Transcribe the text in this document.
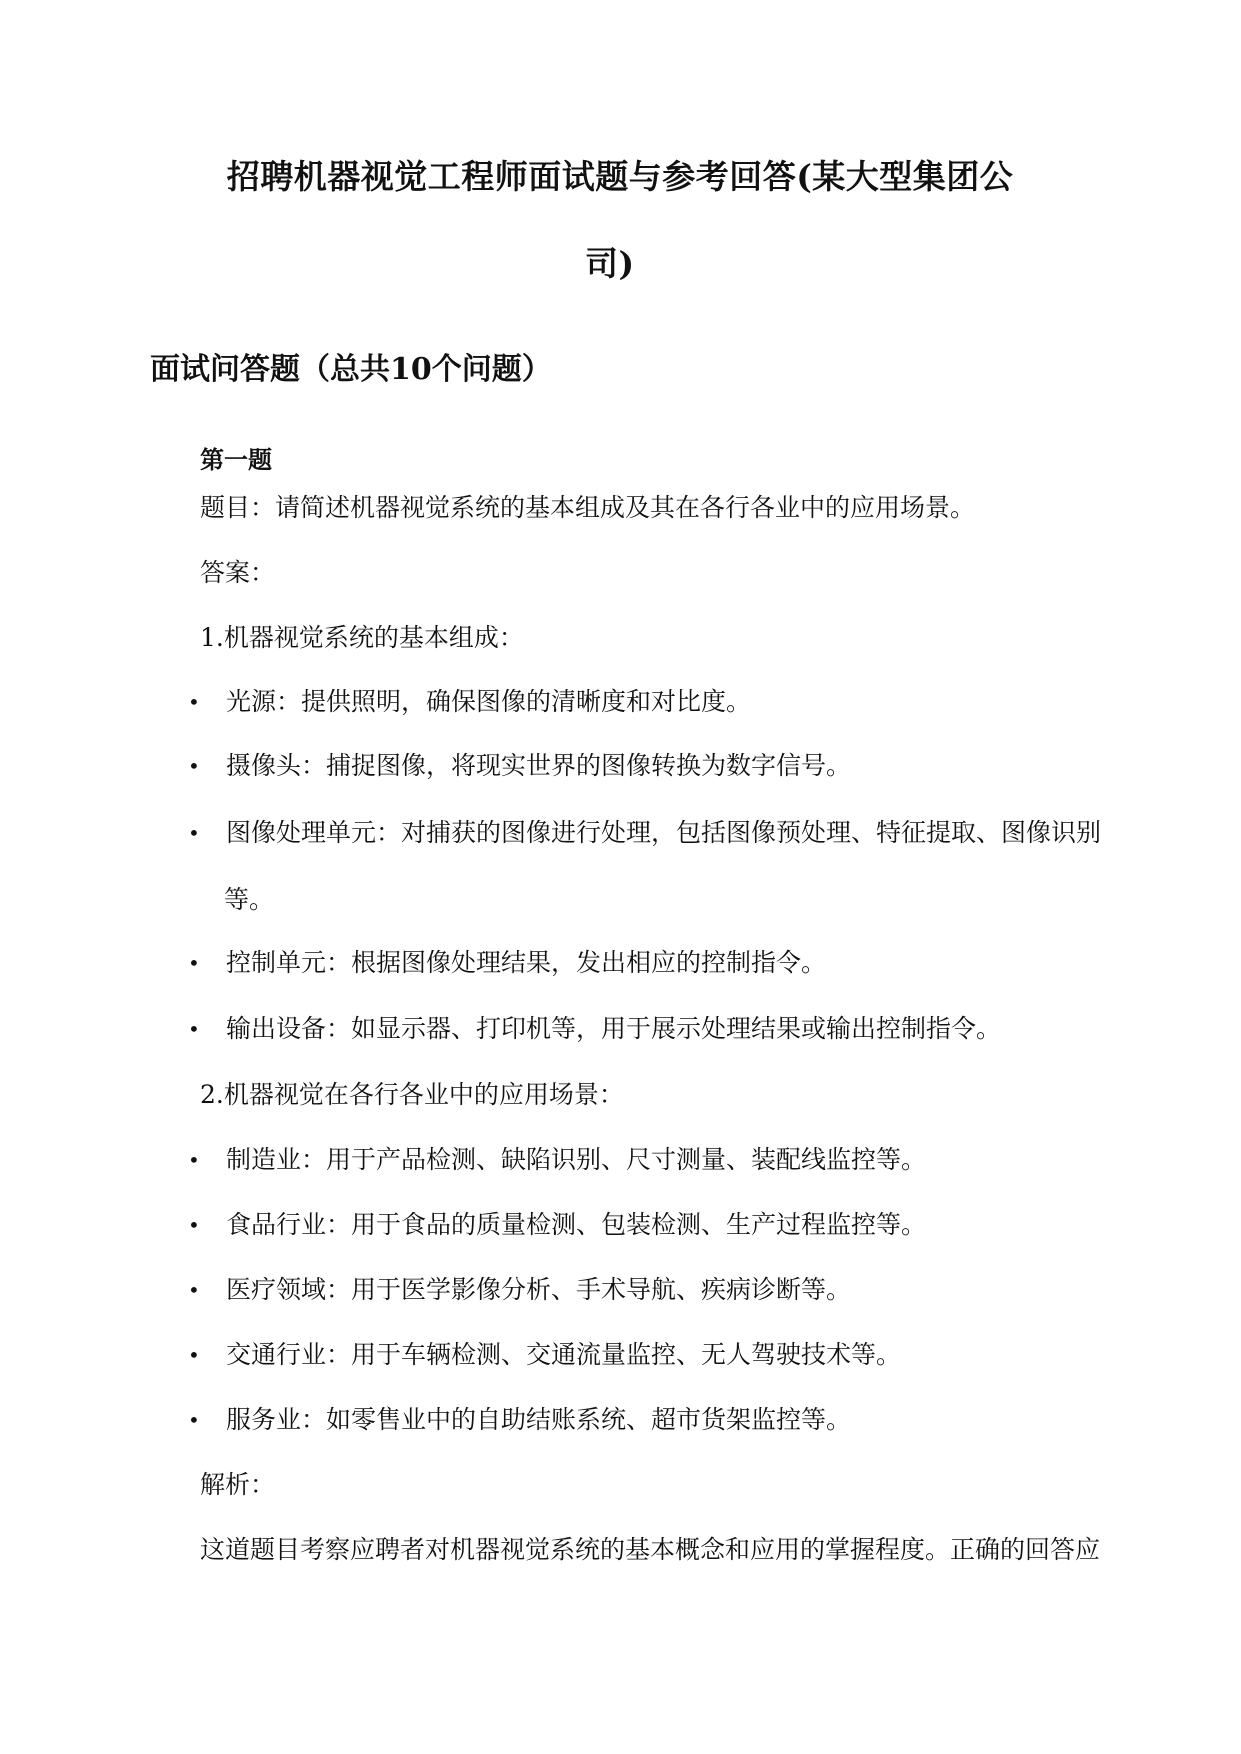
招聘机器视觉工程师面试题与参考回答(某大型集团公
司)
面试问答题（总共10个问题）
第一题
题目：请简述机器视觉系统的基本组成及其在各行各业中的应用场景。
答案：
1.机器视觉系统的基本组成：
•	光源：提供照明，确保图像的清晰度和对比度。
•	摄像头：捕捉图像，将现实世界的图像转换为数字信号。
•	图像处理单元：对捕获的图像进行处理，包括图像预处理、特征提取、图像识别
等。
•	控制单元：根据图像处理结果，发出相应的控制指令。
•	输出设备：如显示器、打印机等，用于展示处理结果或输出控制指令。
2.机器视觉在各行各业中的应用场景：
•	制造业：用于产品检测、缺陷识别、尺寸测量、装配线监控等。
•	食品行业：用于食品的质量检测、包装检测、生产过程监控等。
•	医疗领域：用于医学影像分析、手术导航、疾病诊断等。
•	交通行业：用于车辆检测、交通流量监控、无人驾驶技术等。
•	服务业：如零售业中的自助结账系统、超市货架监控等。
解析：
这道题目考察应聘者对机器视觉系统的基本概念和应用的掌握程度。正确的回答应
